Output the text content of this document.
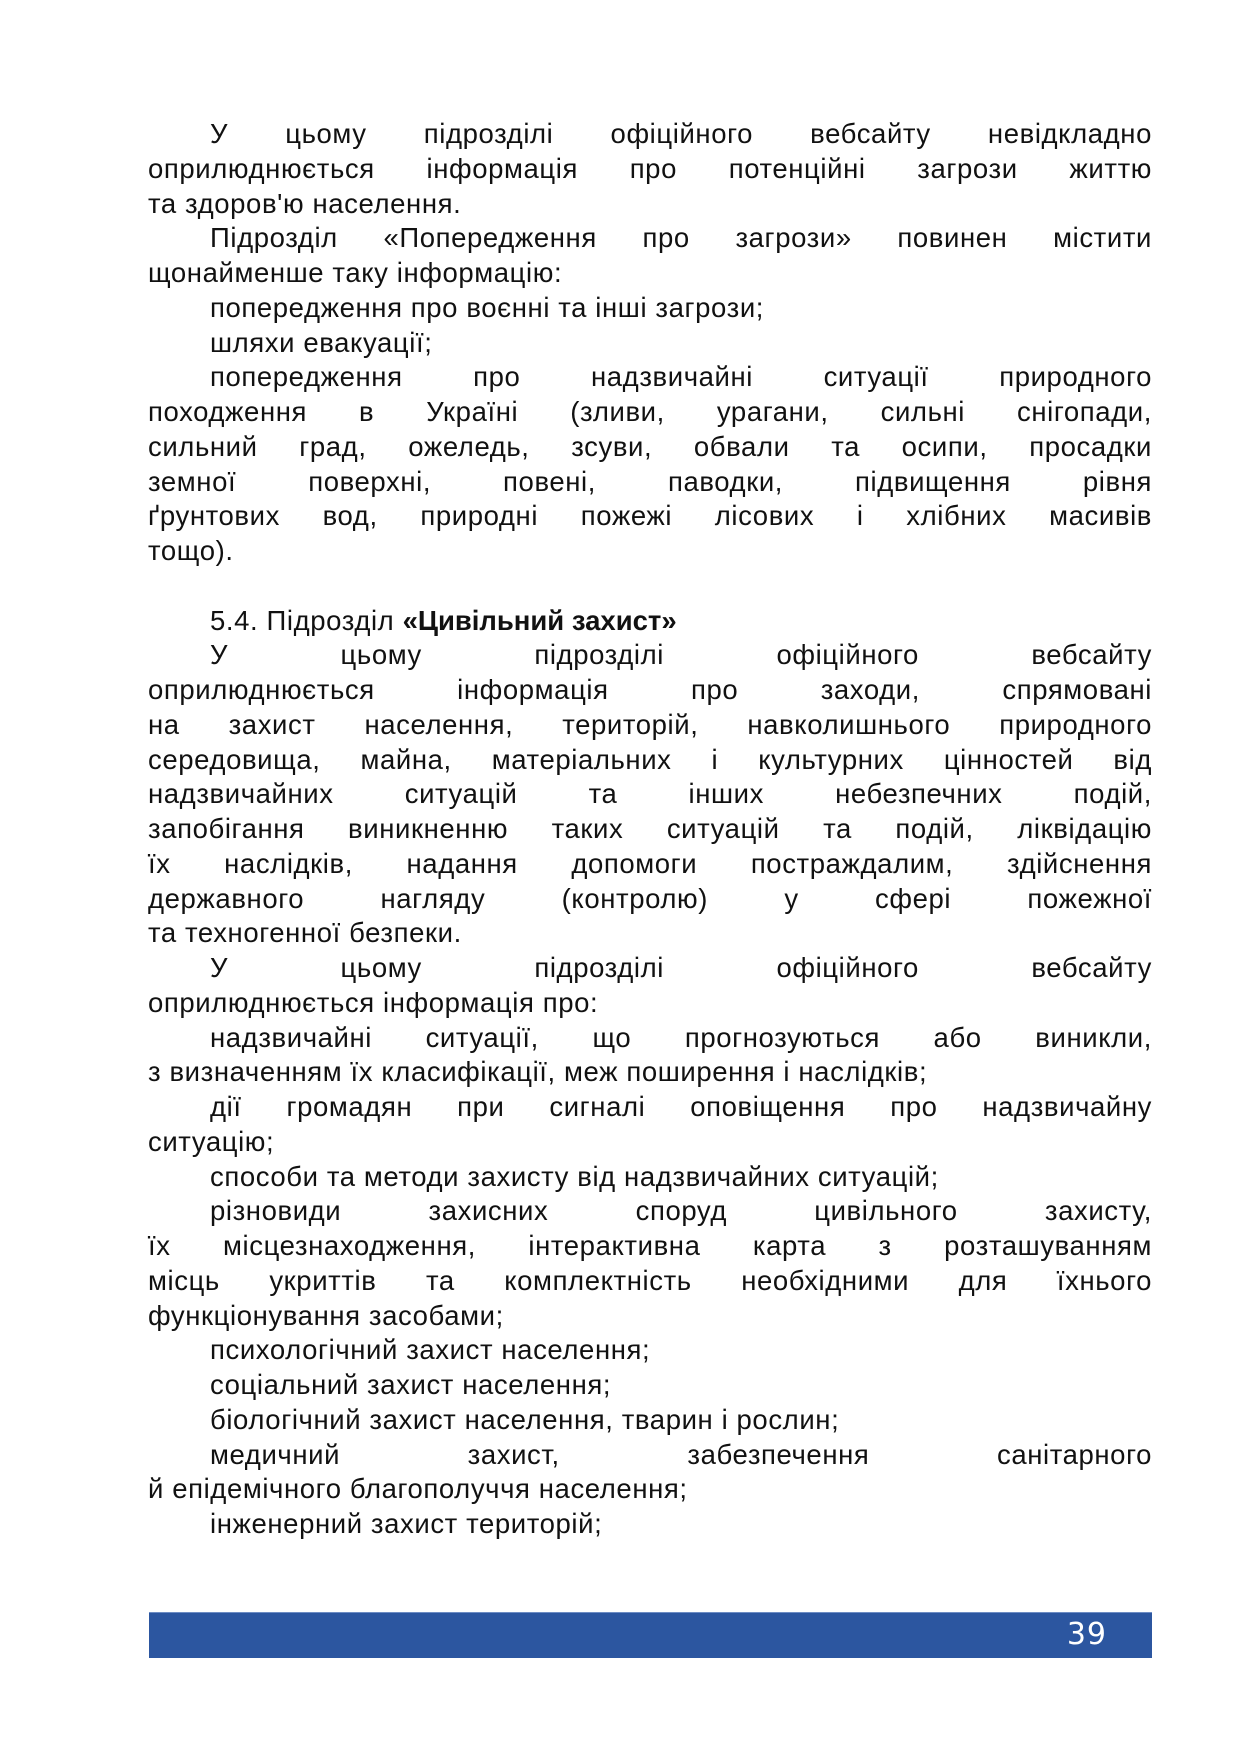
У цьому підрозділі офіційного вебсайту невідкладно
оприлюднюється інформація про потенційні загрози життю
та здоров'ю населення.
Підрозділ «Попередження про загрози» повинен містити
щонайменше таку інформацію:
попередження про воєнні та інші загрози;
шляхи евакуації;
попередження про надзвичайні ситуації природного
походження в Україні (зливи, урагани, сильні снігопади,
сильний град, ожеледь, зсуви, обвали та осипи, просадки
земної поверхні, повені, паводки, підвищення рівня
ґрунтових вод, природні пожежі лісових і хлібних масивів
тощо).
5.4. Підрозділ «Цивільний захист»
У цьому підрозділі офіційного вебсайту
оприлюднюється інформація про заходи, спрямовані
на захист населення, територій, навколишнього природного
середовища, майна, матеріальних і культурних цінностей від
надзвичайних ситуацій та інших небезпечних подій,
запобігання виникненню таких ситуацій та подій, ліквідацію
їх наслідків, надання допомоги постраждалим, здійснення
державного нагляду (контролю) у сфері пожежної
та техногенної безпеки.
У цьому підрозділі офіційного вебсайту
оприлюднюється інформація про:
надзвичайні ситуації, що прогнозуються або виникли,
з визначенням їх класифікації, меж поширення і наслідків;
дії громадян при сигналі оповіщення про надзвичайну
ситуацію;
способи та методи захисту від надзвичайних ситуацій;
різновиди захисних споруд цивільного захисту,
їх місцезнаходження, інтерактивна карта з розташуванням
місць укриттів та комплектність необхідними для їхнього
функціонування засобами;
психологічний захист населення;
соціальний захист населення;
біологічний захист населення, тварин і рослин;
медичний захист, забезпечення санітарного
й епідемічного благополуччя населення;
інженерний захист територій;
39
